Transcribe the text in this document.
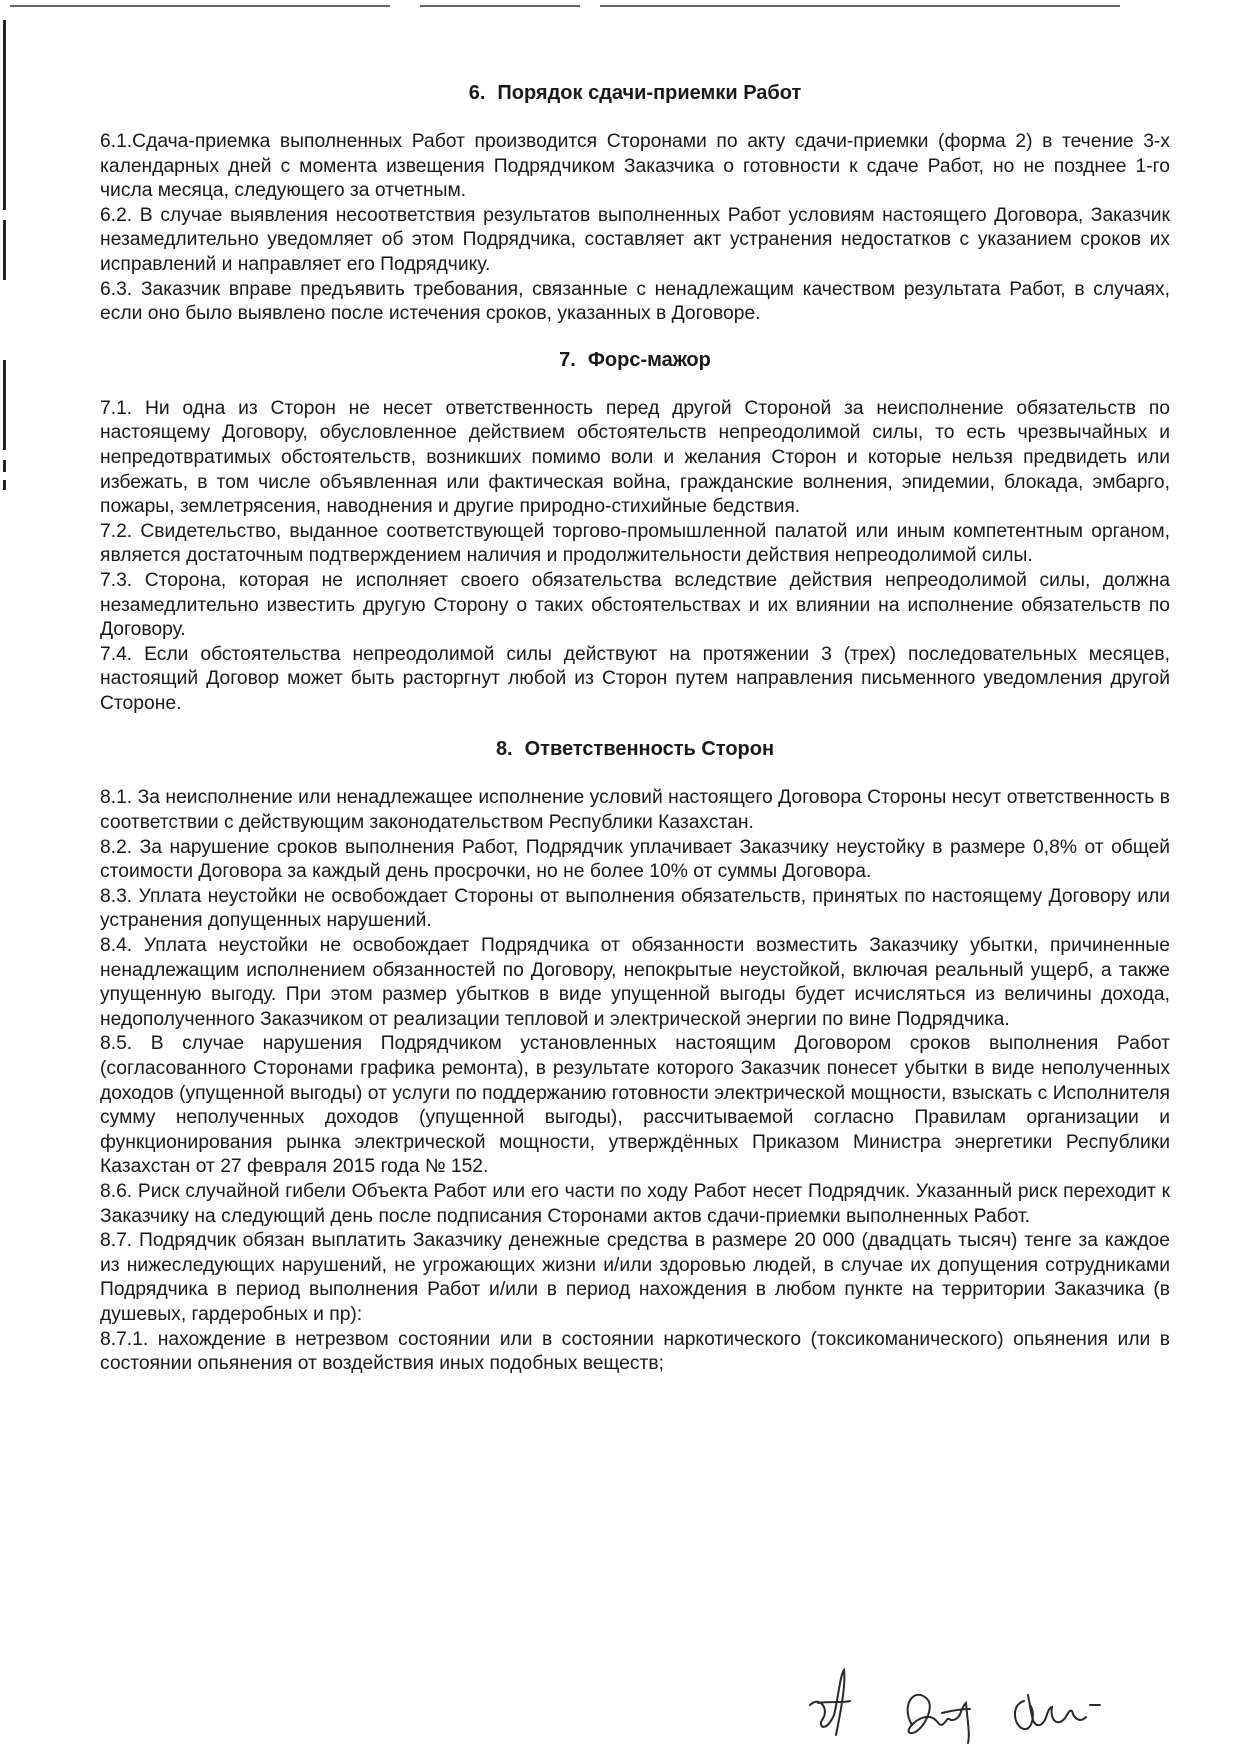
6. Порядок сдачи-приемки Работ

6.1.Сдача-приемка выполненных Работ производится Сторонами по акту сдачи-приемки (форма 2) в течение 3-х календарных дней с момента извещения Подрядчиком Заказчика о готовности к сдаче Работ, но не позднее 1-го числа месяца, следующего за отчетным.

6.2. В случае выявления несоответствия результатов выполненных Работ условиям настоящего Договора, Заказчик незамедлительно уведомляет об этом Подрядчика, составляет акт устранения недостатков с указанием сроков их исправлений и направляет его Подрядчику.

6.3. Заказчик вправе предъявить требования, связанные с ненадлежащим качеством результата Работ, в случаях, если оно было выявлено после истечения сроков, указанных в Договоре.

7. Форс-мажор

7.1. Ни одна из Сторон не несет ответственность перед другой Стороной за неисполнение обязательств по настоящему Договору, обусловленное действием обстоятельств непреодолимой силы, то есть чрезвычайных и непредотвратимых обстоятельств, возникших помимо воли и желания Сторон и которые нельзя предвидеть или избежать, в том числе объявленная или фактическая война, гражданские волнения, эпидемии, блокада, эмбарго, пожары, землетрясения, наводнения и другие природно-стихийные бедствия.

7.2. Свидетельство, выданное соответствующей торгово-промышленной палатой или иным компетентным органом, является достаточным подтверждением наличия и продолжительности действия непреодолимой силы.

7.3. Сторона, которая не исполняет своего обязательства вследствие действия непреодолимой силы, должна незамедлительно известить другую Сторону о таких обстоятельствах и их влиянии на исполнение обязательств по Договору.

7.4. Если обстоятельства непреодолимой силы действуют на протяжении 3 (трех) последовательных месяцев, настоящий Договор может быть расторгнут любой из Сторон путем направления письменного уведомления другой Стороне.

8. Ответственность Сторон

8.1. За неисполнение или ненадлежащее исполнение условий настоящего Договора Стороны несут ответственность в соответствии с действующим законодательством Республики Казахстан.

8.2. За нарушение сроков выполнения Работ, Подрядчик уплачивает Заказчику неустойку в размере 0,8% от общей стоимости Договора за каждый день просрочки, но не более 10% от суммы Договора.

8.3. Уплата неустойки не освобождает Стороны от выполнения обязательств, принятых по настоящему Договору или устранения допущенных нарушений.

8.4. Уплата неустойки не освобождает Подрядчика от обязанности возместить Заказчику убытки, причиненные ненадлежащим исполнением обязанностей по Договору, непокрытые неустойкой, включая реальный ущерб, а также упущенную выгоду. При этом размер убытков в виде упущенной выгоды будет исчисляться из величины дохода, недополученного Заказчиком от реализации тепловой и электрической энергии по вине Подрядчика.

8.5. В случае нарушения Подрядчиком установленных настоящим Договором сроков выполнения Работ (согласованного Сторонами графика ремонта), в результате которого Заказчик понесет убытки в виде неполученных доходов (упущенной выгоды) от услуги по поддержанию готовности электрической мощности, взыскать с Исполнителя сумму неполученных доходов (упущенной выгоды), рассчитываемой согласно Правилам организации и функционирования рынка электрической мощности, утверждённых Приказом Министра энергетики Республики Казахстан от 27 февраля 2015 года № 152.

8.6. Риск случайной гибели Объекта Работ или его части по ходу Работ несет Подрядчик. Указанный риск переходит к Заказчику на следующий день после подписания Сторонами актов сдачи-приемки выполненных Работ.

8.7. Подрядчик обязан выплатить Заказчику денежные средства в размере 20 000 (двадцать тысяч) тенге за каждое из нижеследующих нарушений, не угрожающих жизни и/или здоровью людей, в случае их допущения сотрудниками Подрядчика в период выполнения Работ и/или в период нахождения в любом пункте на территории Заказчика (в душевых, гардеробных и пр):

8.7.1. нахождение в нетрезвом состоянии или в состоянии наркотического (токсикоманического) опьянения или в состоянии опьянения от воздействия иных подобных веществ;
